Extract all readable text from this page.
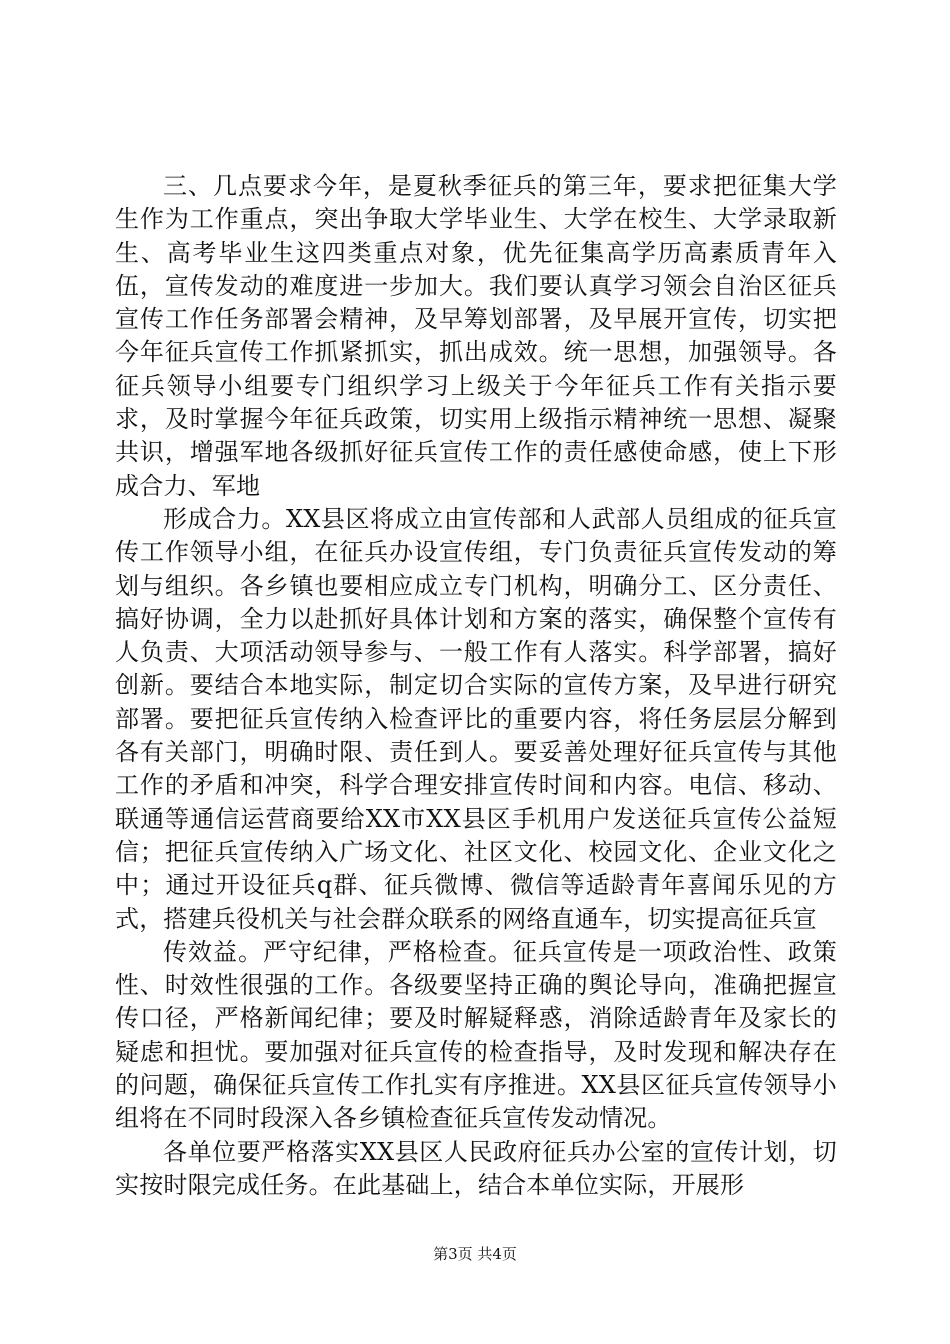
三、几点要求今年，是夏秋季征兵的第三年，要求把征集大学生作为工作重点，突出争取大学毕业生、大学在校生、大学录取新生、高考毕业生这四类重点对象，优先征集高学历高素质青年入伍，宣传发动的难度进一步加大。我们要认真学习领会自治区征兵宣传工作任务部署会精神，及早筹划部署，及早展开宣传，切实把今年征兵宣传工作抓紧抓实，抓出成效。统一思想，加强领导。各征兵领导小组要专门组织学习上级关于今年征兵工作有关指示要求，及时掌握今年征兵政策，切实用上级指示精神统一思想、凝聚共识，增强军地各级抓好征兵宣传工作的责任感使命感，使上下形成合力、军地

形成合力。XX县区将成立由宣传部和人武部人员组成的征兵宣传工作领导小组，在征兵办设宣传组，专门负责征兵宣传发动的筹划与组织。各乡镇也要相应成立专门机构，明确分工、区分责任、搞好协调，全力以赴抓好具体计划和方案的落实，确保整个宣传有人负责、大项活动领导参与、一般工作有人落实。科学部署，搞好创新。要结合本地实际，制定切合实际的宣传方案，及早进行研究部署。要把征兵宣传纳入检查评比的重要内容，将任务层层分解到各有关部门，明确时限、责任到人。要妥善处理好征兵宣传与其他工作的矛盾和冲突，科学合理安排宣传时间和内容。电信、移动、联通等通信运营商要给XX市XX县区手机用户发送征兵宣传公益短信；把征兵宣传纳入广场文化、社区文化、校园文化、企业文化之中；通过开设征兵q群、征兵微博、微信等适龄青年喜闻乐见的方式，搭建兵役机关与社会群众联系的网络直通车，切实提高征兵宣

传效益。严守纪律，严格检查。征兵宣传是一项政治性、政策性、时效性很强的工作。各级要坚持正确的舆论导向，准确把握宣传口径，严格新闻纪律；要及时解疑释惑，消除适龄青年及家长的疑虑和担忧。要加强对征兵宣传的检查指导，及时发现和解决存在的问题，确保征兵宣传工作扎实有序推进。XX县区征兵宣传领导小组将在不同时段深入各乡镇检查征兵宣传发动情况。

各单位要严格落实XX县区人民政府征兵办公室的宣传计划，切实按时限完成任务。在此基础上，结合本单位实际，开展形

第3页 共4页
